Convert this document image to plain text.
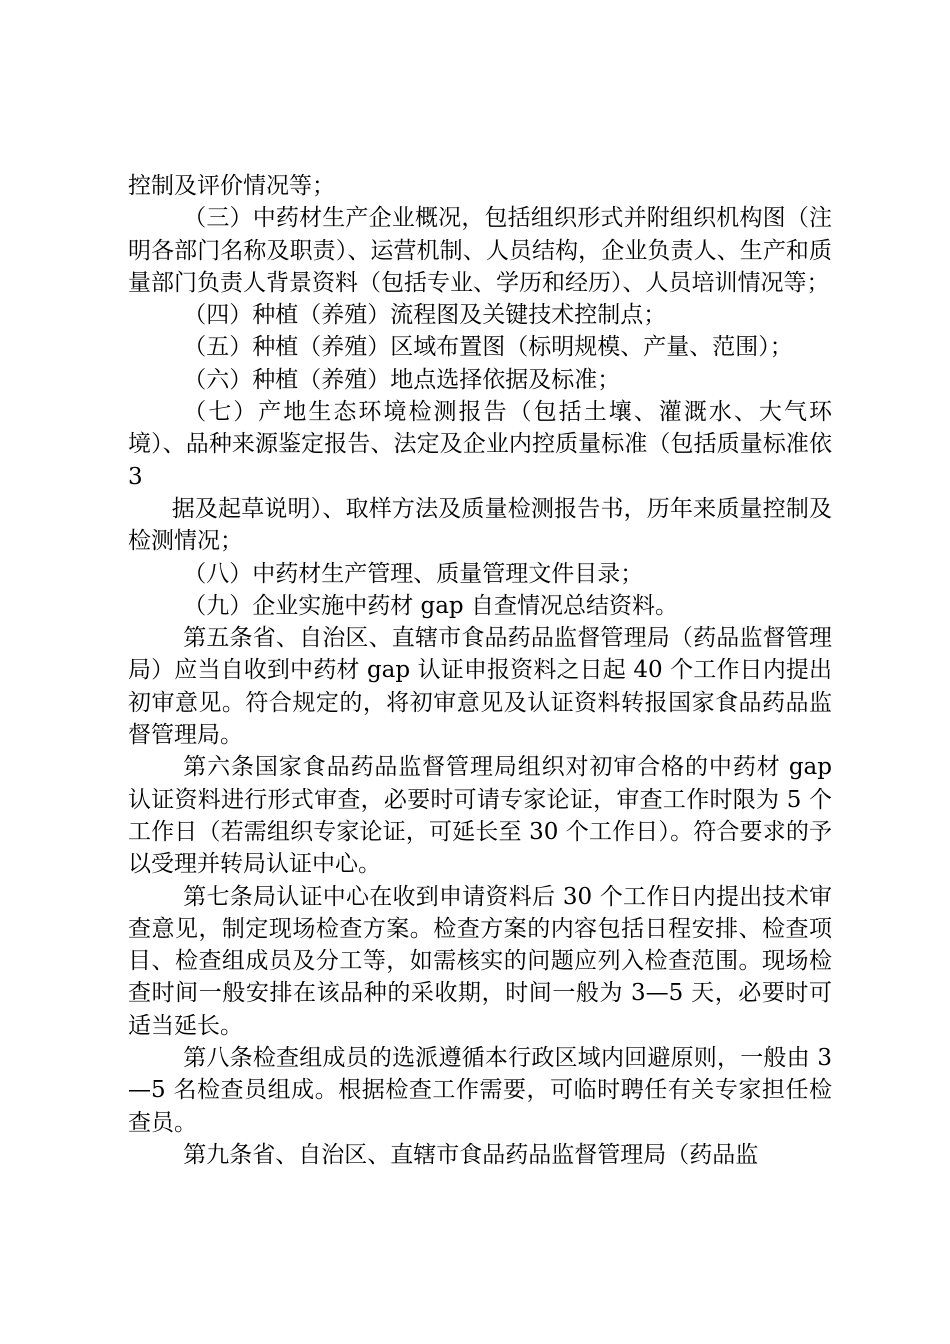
控制及评价情况等；

（三）中药材生产企业概况，包括组织形式并附组织机构图（注明各部门名称及职责）、运营机制、人员结构，企业负责人、生产和质量部门负责人背景资料（包括专业、学历和经历）、人员培训情况等；

（四）种植（养殖）流程图及关键技术控制点；

（五）种植（养殖）区域布置图（标明规模、产量、范围）；

（六）种植（养殖）地点选择依据及标准；

（七）产地生态环境检测报告（包括土壤、灌溉水、大气环境）、品种来源鉴定报告、法定及企业内控质量标准（包括质量标准依 3

据及起草说明）、取样方法及质量检测报告书，历年来质量控制及检测情况；

（八）中药材生产管理、质量管理文件目录；

（九）企业实施中药材 gap 自查情况总结资料。

第五条省、自治区、直辖市食品药品监督管理局（药品监督管理局）应当自收到中药材 gap 认证申报资料之日起 40 个工作日内提出初审意见。符合规定的，将初审意见及认证资料转报国家食品药品监督管理局。

第六条国家食品药品监督管理局组织对初审合格的中药材 gap 认证资料进行形式审查，必要时可请专家论证，审查工作时限为 5 个工作日（若需组织专家论证，可延长至 30 个工作日）。符合要求的予以受理并转局认证中心。

第七条局认证中心在收到申请资料后 30 个工作日内提出技术审查意见，制定现场检查方案。检查方案的内容包括日程安排、检查项目、检查组成员及分工等，如需核实的问题应列入检查范围。现场检查时间一般安排在该品种的采收期，时间一般为 3—5 天，必要时可适当延长。

第八条检查组成员的选派遵循本行政区域内回避原则，一般由 3—5 名检查员组成。根据检查工作需要，可临时聘任有关专家担任检查员。

第九条省、自治区、直辖市食品药品监督管理局（药品监
